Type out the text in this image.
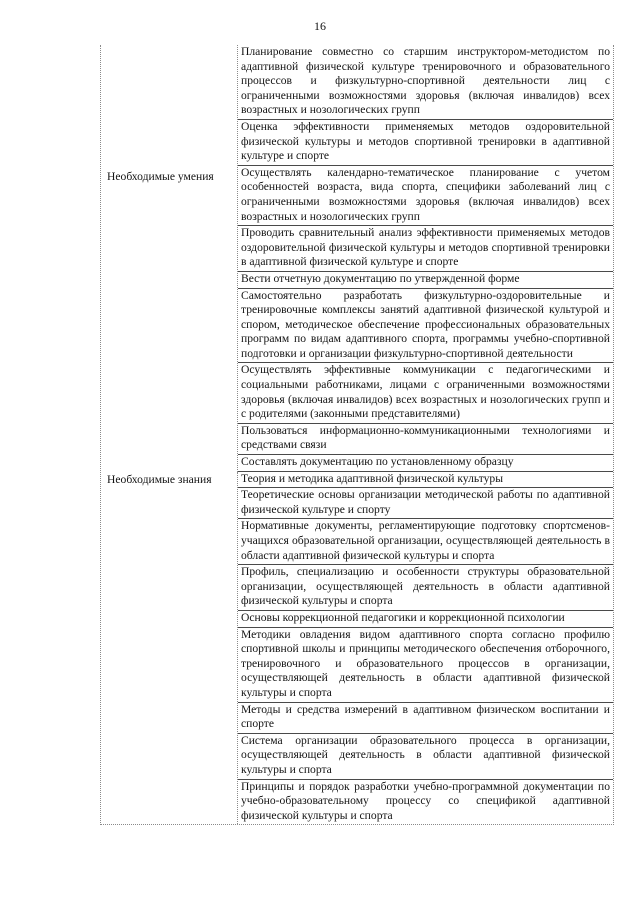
16
Необходимые умения
Планирование совместно со старшим инструктором-методистом по адаптивной физической культуре тренировочного и образовательного процессов и физкультурно-спортивной деятельности лиц с ограниченными возможностями здоровья (включая инвалидов) всех возрастных и нозологических групп
Оценка эффективности применяемых методов оздоровительной физической культуры и методов спортивной тренировки в адаптивной культуре и спорте
Осуществлять календарно-тематическое планирование с учетом особенностей возраста, вида спорта, специфики заболеваний лиц с ограниченными возможностями здоровья (включая инвалидов) всех возрастных и нозологических групп
Проводить сравнительный анализ эффективности применяемых методов оздоровительной физической культуры и методов спортивной тренировки в адаптивной физической культуре и спорте
Вести отчетную документацию по утвержденной форме
Самостоятельно разработать физкультурно-оздоровительные и тренировочные комплексы занятий адаптивной физической культурой и спором, методическое обеспечение профессиональных образовательных программ по видам адаптивного спорта, программы учебно-спортивной подготовки и организации физкультурно-спортивной деятельности
Осуществлять эффективные коммуникации с педагогическими и социальными работниками, лицами с ограниченными возможностями здоровья (включая инвалидов) всех возрастных и нозологических групп и с родителями (законными представителями)
Пользоваться информационно-коммуникационными технологиями и средствами связи
Составлять документацию по установленному образцу
Необходимые знания	Теория и методика адаптивной физической культуры
Теоретические основы организации методической работы по адаптивной физической культуре и спорту
Нормативные документы, регламентирующие подготовку спортсменов-учащихся образовательной организации, осуществляющей деятельность в области адаптивной физической культуры и спорта
Профиль, специализацию и особенности структуры образовательной организации, осуществляющей деятельность в области адаптивной физической культуры и спорта
Основы коррекционной педагогики и коррекционной психологии
Методики овладения видом адаптивного спорта согласно профилю спортивной школы и принципы методического обеспечения отборочного, тренировочного и образовательного процессов в организации, осуществляющей деятельность в области адаптивной физической культуры и спорта
Методы и средства измерений в адаптивном физическом воспитании и спорте
Система организации образовательного процесса в организации, осуществляющей деятельность в области адаптивной физической культуры и спорта
Принципы и порядок разработки учебно-программной документации по учебно-образовательному процессу со спецификой адаптивной физической культуры и спорта
